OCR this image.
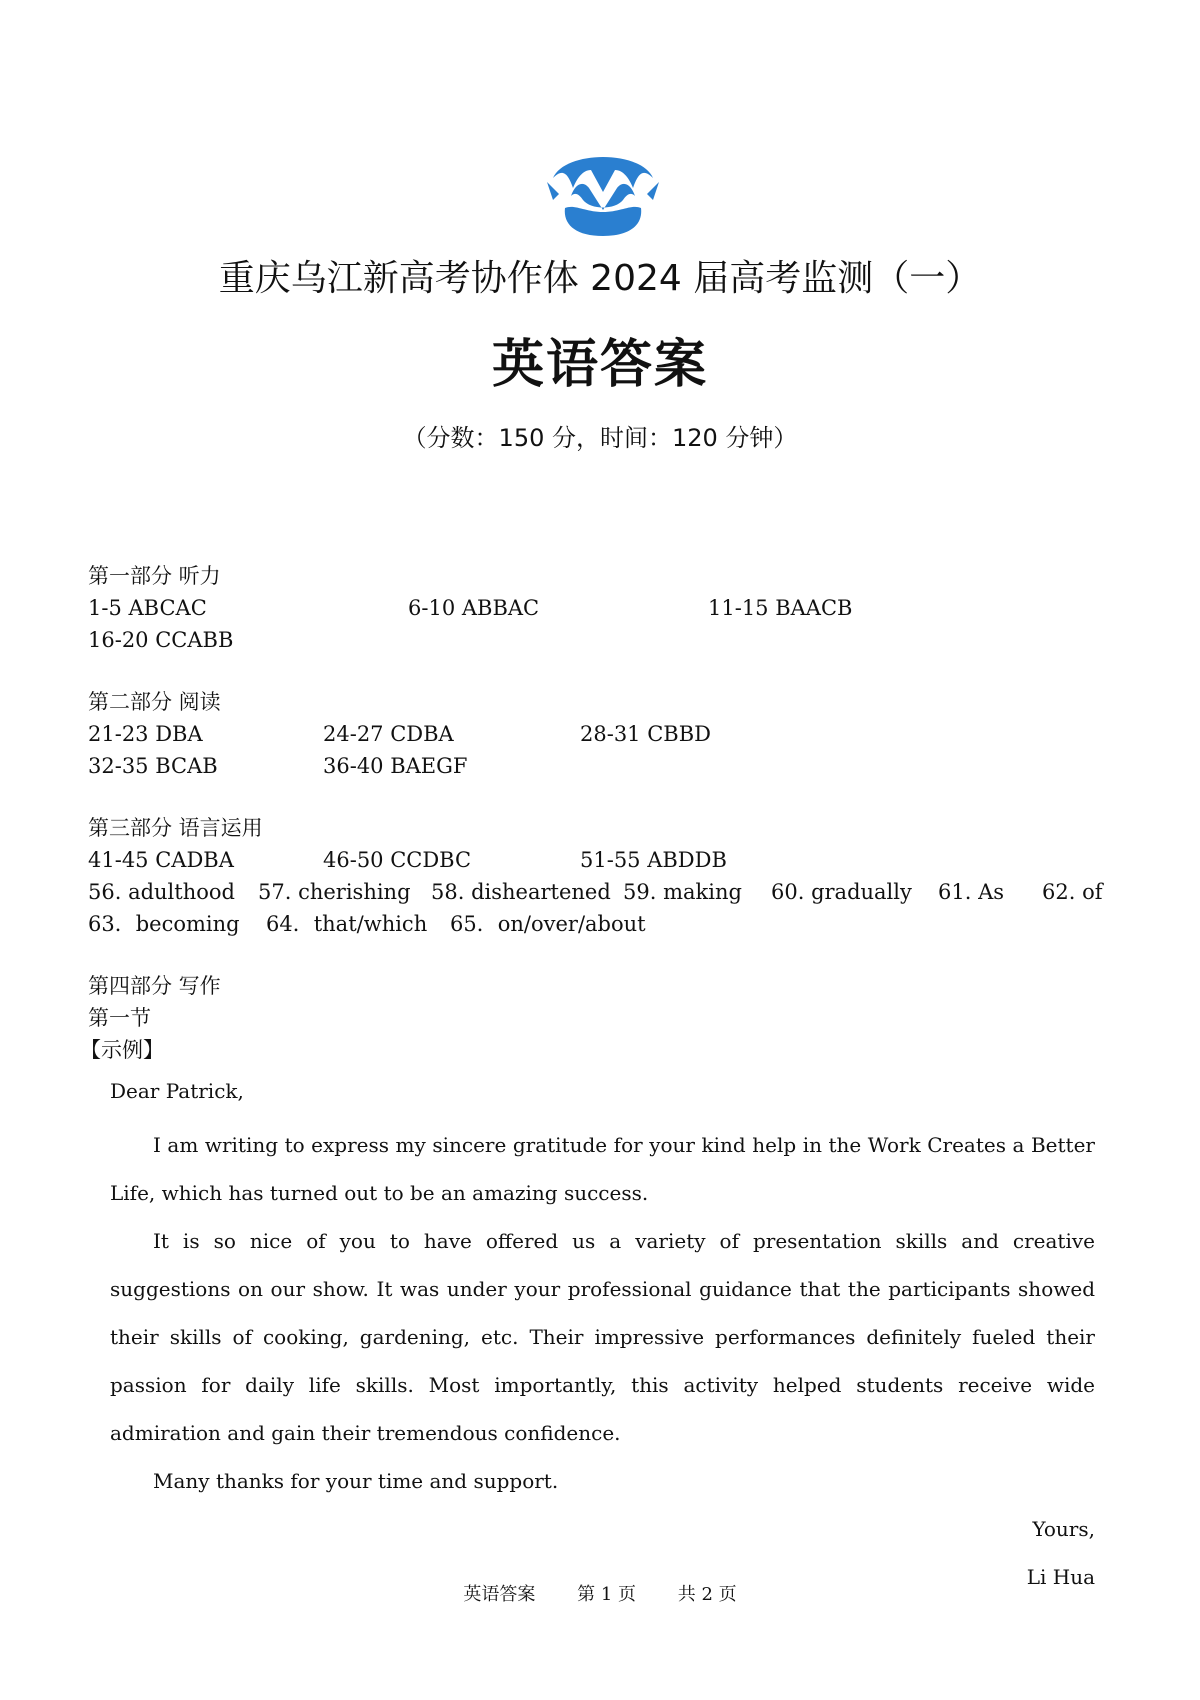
重庆乌江新高考协作体 2024 届高考监测（一）
英语答案
（分数：150 分，时间：120 分钟）
第一部分 听力
1-5 ABCAC	6-10 ABBAC	11-15 BAACB
16-20 CCABB
第二部分 阅读
21-23 DBA	24-27 CDBA	28-31 CBBD
32-35 BCAB	36-40 BAEGF
第三部分 语言运用
41-45 CADBA	46-50 CCDBC	51-55 ABDDB
56. adulthood 57. cherishing 58. disheartened 59. making 60. gradually 61. As 62. of
63．becoming 64．that/which 65．on/over/about
第四部分 写作
第一节
【示例】
Dear Patrick,

I am writing to express my sincere gratitude for your kind help in the Work Creates a Better Life, which has turned out to be an amazing success.

It is so nice of you to have offered us a variety of presentation skills and creative suggestions on our show. It was under your professional guidance that the participants showed their skills of cooking, gardening, etc. Their impressive performances definitely fueled their passion for daily life skills. Most importantly, this activity helped students receive wide admiration and gain their tremendous confidence.

Many thanks for your time and support.

Yours,
Li Hua
英语答案 第 1 页 共 2 页
